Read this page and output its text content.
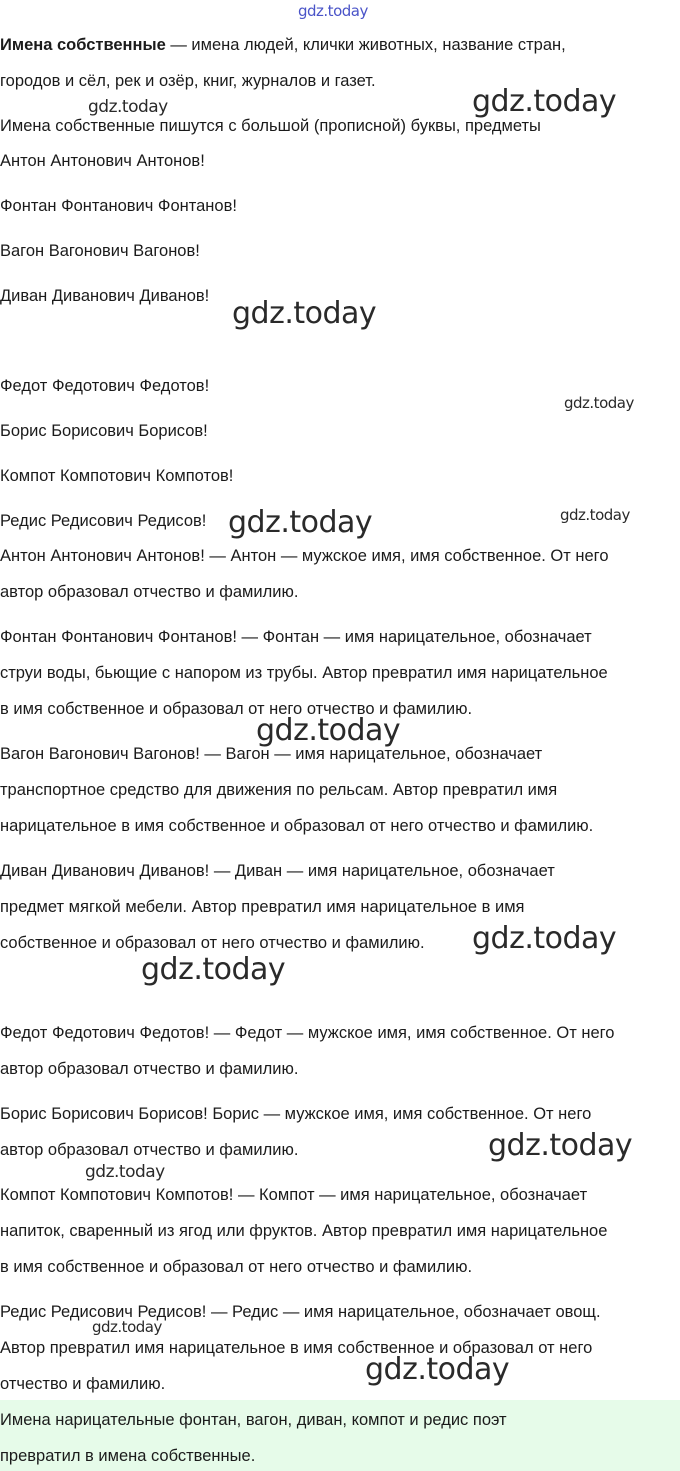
Имена собственные — имена людей, клички животных, название стран,
городов и сёл, рек и озёр, книг, журналов и газет.
Имена собственные пишутся с большой (прописной) буквы, предметы
Антон Антонович Антонов!
Фонтан Фонтанович Фонтанов!
Вагон Вагонович Вагонов!
Диван Диванович Диванов!
Федот Федотович Федотов!
Борис Борисович Борисов!
Компот Компотович Компотов!
Редис Редисович Редисов!
Антон Антонович Антонов! — Антон — мужское имя, имя собственное. От него
автор образовал отчество и фамилию.
Фонтан Фонтанович Фонтанов! — Фонтан — имя нарицательное, обозначает
струи воды, бьющие с напором из трубы. Автор превратил имя нарицательное
в имя собственное и образовал от него отчество и фамилию.
Вагон Вагонович Вагонов! — Вагон — имя нарицательное, обозначает
транспортное средство для движения по рельсам. Автор превратил имя
нарицательное в имя собственное и образовал от него отчество и фамилию.
Диван Диванович Диванов! — Диван — имя нарицательное, обозначает
предмет мягкой мебели. Автор превратил имя нарицательное в имя
собственное и образовал от него отчество и фамилию.
Федот Федотович Федотов! — Федот — мужское имя, имя собственное. От него
автор образовал отчество и фамилию.
Борис Борисович Борисов! Борис — мужское имя, имя собственное. От него
автор образовал отчество и фамилию.
Компот Компотович Компотов! — Компот — имя нарицательное, обозначает
напиток, сваренный из ягод или фруктов. Автор превратил имя нарицательное
в имя собственное и образовал от него отчество и фамилию.
Редис Редисович Редисов! — Редис — имя нарицательное, обозначает овощ.
Автор превратил имя нарицательное в имя собственное и образовал от него
отчество и фамилию.
Имена нарицательные фонтан, вагон, диван, компот и редис поэт
превратил в имена собственные.
gdz.today
gdz.today	gdz.today
gdz.today
gdz.today
gdz.today	gdz.today
gdz.today
gdz.today
gdz.today
gdz.today
gdz.today
gdz.today
gdz.today
